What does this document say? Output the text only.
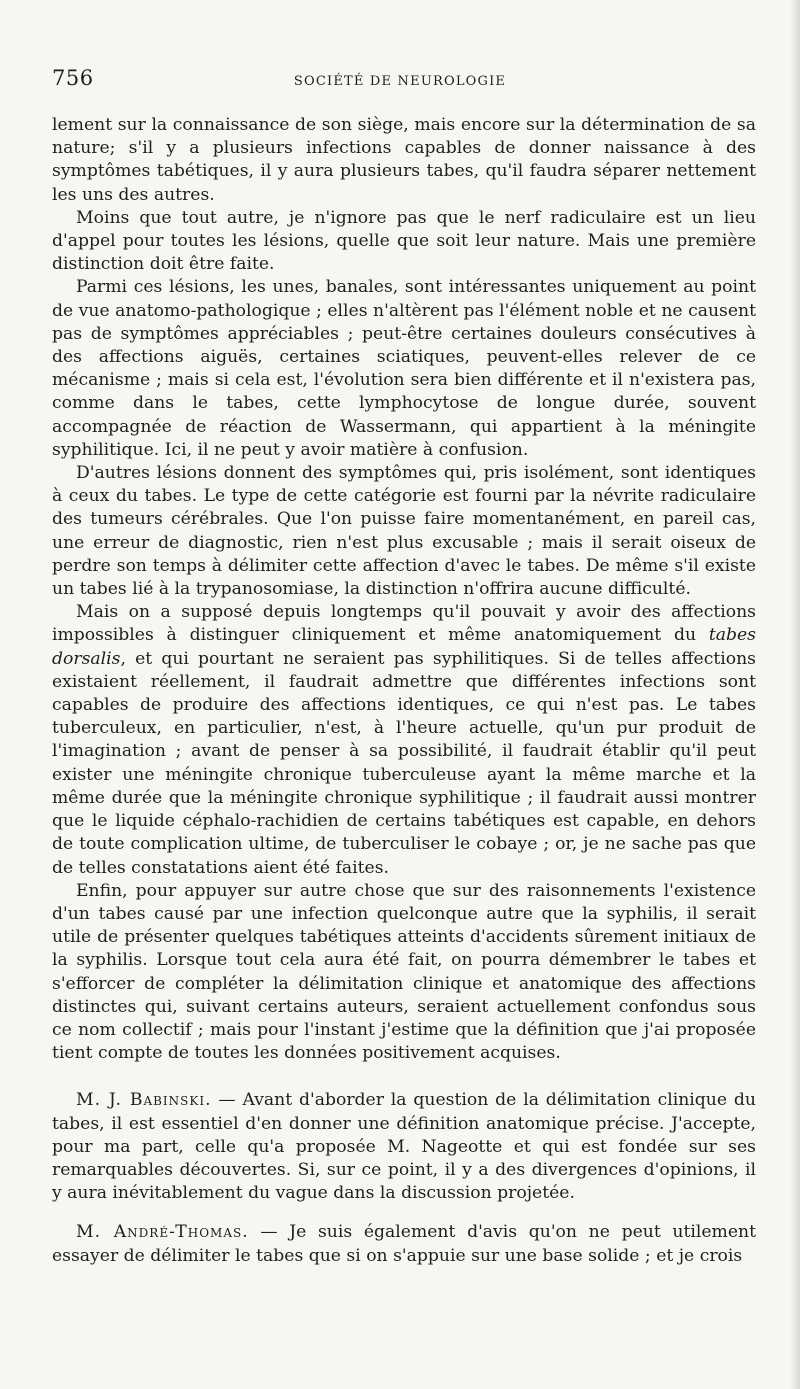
756	SOCIÉTÉ DE NEUROLOGIE

lement sur la connaissance de son siège, mais encore sur la détermination de sa nature; s'il y a plusieurs infections capables de donner naissance à des symptômes tabétiques, il y aura plusieurs tabes, qu'il faudra séparer nettement les uns des autres.

Moins que tout autre, je n'ignore pas que le nerf radiculaire est un lieu d'appel pour toutes les lésions, quelle que soit leur nature. Mais une première distinction doit être faite.

Parmi ces lésions, les unes, banales, sont intéressantes uniquement au point de vue anatomo-pathologique ; elles n'altèrent pas l'élément noble et ne causent pas de symptômes appréciables ; peut-être certaines douleurs consécutives à des affections aiguës, certaines sciatiques, peuvent-elles relever de ce mécanisme ; mais si cela est, l'évolution sera bien différente et il n'existera pas, comme dans le tabes, cette lymphocytose de longue durée, souvent accompagnée de réaction de Wassermann, qui appartient à la méningite syphilitique. Ici, il ne peut y avoir matière à confusion.

D'autres lésions donnent des symptômes qui, pris isolément, sont identiques à ceux du tabes. Le type de cette catégorie est fourni par la névrite radiculaire des tumeurs cérébrales. Que l'on puisse faire momentanément, en pareil cas, une erreur de diagnostic, rien n'est plus excusable ; mais il serait oiseux de perdre son temps à délimiter cette affection d'avec le tabes. De même s'il existe un tabes lié à la trypanosomiase, la distinction n'offrira aucune difficulté.

Mais on a supposé depuis longtemps qu'il pouvait y avoir des affections impossibles à distinguer cliniquement et même anatomiquement du tabes dorsalis, et qui pourtant ne seraient pas syphilitiques. Si de telles affections existaient réellement, il faudrait admettre que différentes infections sont capables de produire des affections identiques, ce qui n'est pas. Le tabes tuberculeux, en particulier, n'est, à l'heure actuelle, qu'un pur produit de l'imagination ; avant de penser à sa possibilité, il faudrait établir qu'il peut exister une méningite chronique tuberculeuse ayant la même marche et la même durée que la méningite chronique syphilitique ; il faudrait aussi montrer que le liquide céphalo-rachidien de certains tabétiques est capable, en dehors de toute complication ultime, de tuberculiser le cobaye ; or, je ne sache pas que de telles constatations aient été faites.

Enfin, pour appuyer sur autre chose que sur des raisonnements l'existence d'un tabes causé par une infection quelconque autre que la syphilis, il serait utile de présenter quelques tabétiques atteints d'accidents sûrement initiaux de la syphilis. Lorsque tout cela aura été fait, on pourra démembrer le tabes et s'efforcer de compléter la délimitation clinique et anatomique des affections distinctes qui, suivant certains auteurs, seraient actuellement confondus sous ce nom collectif ; mais pour l'instant j'estime que la définition que j'ai proposée tient compte de toutes les données positivement acquises.

M. J. Babinski. — Avant d'aborder la question de la délimitation clinique du tabes, il est essentiel d'en donner une définition anatomique précise. J'accepte, pour ma part, celle qu'a proposée M. Nageotte et qui est fondée sur ses remarquables découvertes. Si, sur ce point, il y a des divergences d'opinions, il y aura inévitablement du vague dans la discussion projetée.

M. André-Thomas. — Je suis également d'avis qu'on ne peut utilement essayer de délimiter le tabes que si on s'appuie sur une base solide ; et je crois
